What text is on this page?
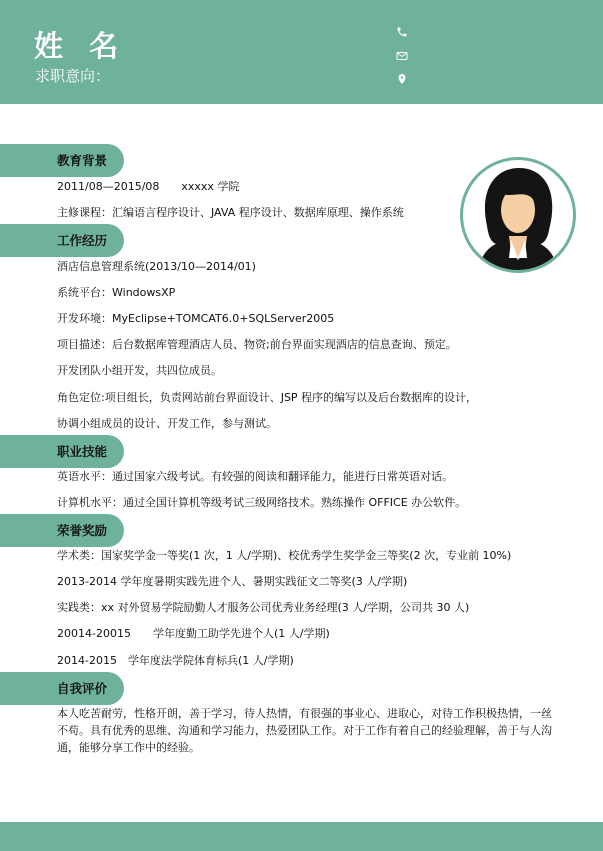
姓 名
求职意向：
教育背景
2011/08—2015/08　　xxxxx 学院
主修课程：汇编语言程序设计、JAVA 程序设计、数据库原理、操作系统
工作经历
酒店信息管理系统(2013/10—2014/01)
系统平台：WindowsXP
开发环境：MyEclipse+TOMCAT6.0+SQLServer2005
项目描述：后台数据库管理酒店人员、物资;前台界面实现酒店的信息查询、预定。
开发团队小组开发，共四位成员。
角色定位:项目组长，负责网站前台界面设计、JSP 程序的编写以及后台数据库的设计，
协调小组成员的设计、开发工作，参与测试。
职业技能
英语水平：通过国家六级考试。有较强的阅读和翻译能力，能进行日常英语对话。
计算机水平：通过全国计算机等级考试三级网络技术。熟练操作 OFFICE 办公软件。
荣誉奖励
学术类：国家奖学金一等奖(1 次，1 人/学期)、校优秀学生奖学金三等奖(2 次，专业前 10%)
2013-2014 学年度暑期实践先进个人、暑期实践征文二等奖(3 人/学期)
实践类：xx 对外贸易学院励勤人才服务公司优秀业务经理(3 人/学期，公司共 30 人)
20014-20015　　学年度勤工助学先进个人(1 人/学期)
2014-2015　学年度法学院体育标兵(1 人/学期)
自我评价

本人吃苦耐劳，性格开朗，善于学习，待人热情，有很强的事业心、进取心，对待工作积极热情，一丝不苟。具有优秀的思维、沟通和学习能力，热爱团队工作。对于工作有着自己的经验理解，善于与人沟通，能够分享工作中的经验。
